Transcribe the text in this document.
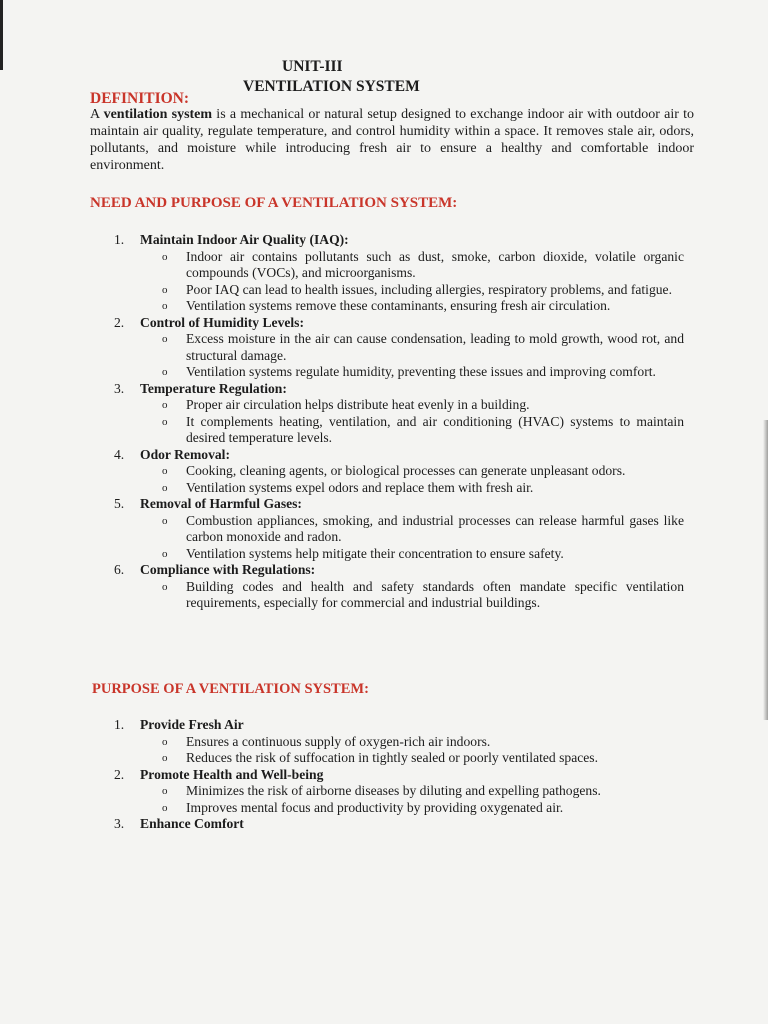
UNIT-III
VENTILATION SYSTEM
DEFINITION:
A ventilation system is a mechanical or natural setup designed to exchange indoor air with outdoor air to maintain air quality, regulate temperature, and control humidity within a space. It removes stale air, odors, pollutants, and moisture while introducing fresh air to ensure a healthy and comfortable indoor environment.
NEED AND PURPOSE OF A VENTILATION SYSTEM:
1. Maintain Indoor Air Quality (IAQ):
o Indoor air contains pollutants such as dust, smoke, carbon dioxide, volatile organic compounds (VOCs), and microorganisms.
o Poor IAQ can lead to health issues, including allergies, respiratory problems, and fatigue.
o Ventilation systems remove these contaminants, ensuring fresh air circulation.
2. Control of Humidity Levels:
o Excess moisture in the air can cause condensation, leading to mold growth, wood rot, and structural damage.
o Ventilation systems regulate humidity, preventing these issues and improving comfort.
3. Temperature Regulation:
o Proper air circulation helps distribute heat evenly in a building.
o It complements heating, ventilation, and air conditioning (HVAC) systems to maintain desired temperature levels.
4. Odor Removal:
o Cooking, cleaning agents, or biological processes can generate unpleasant odors.
o Ventilation systems expel odors and replace them with fresh air.
5. Removal of Harmful Gases:
o Combustion appliances, smoking, and industrial processes can release harmful gases like carbon monoxide and radon.
o Ventilation systems help mitigate their concentration to ensure safety.
6. Compliance with Regulations:
o Building codes and health and safety standards often mandate specific ventilation requirements, especially for commercial and industrial buildings.
PURPOSE OF A VENTILATION SYSTEM:
1. Provide Fresh Air
o Ensures a continuous supply of oxygen-rich air indoors.
o Reduces the risk of suffocation in tightly sealed or poorly ventilated spaces.
2. Promote Health and Well-being
o Minimizes the risk of airborne diseases by diluting and expelling pathogens.
o Improves mental focus and productivity by providing oxygenated air.
3. Enhance Comfort
